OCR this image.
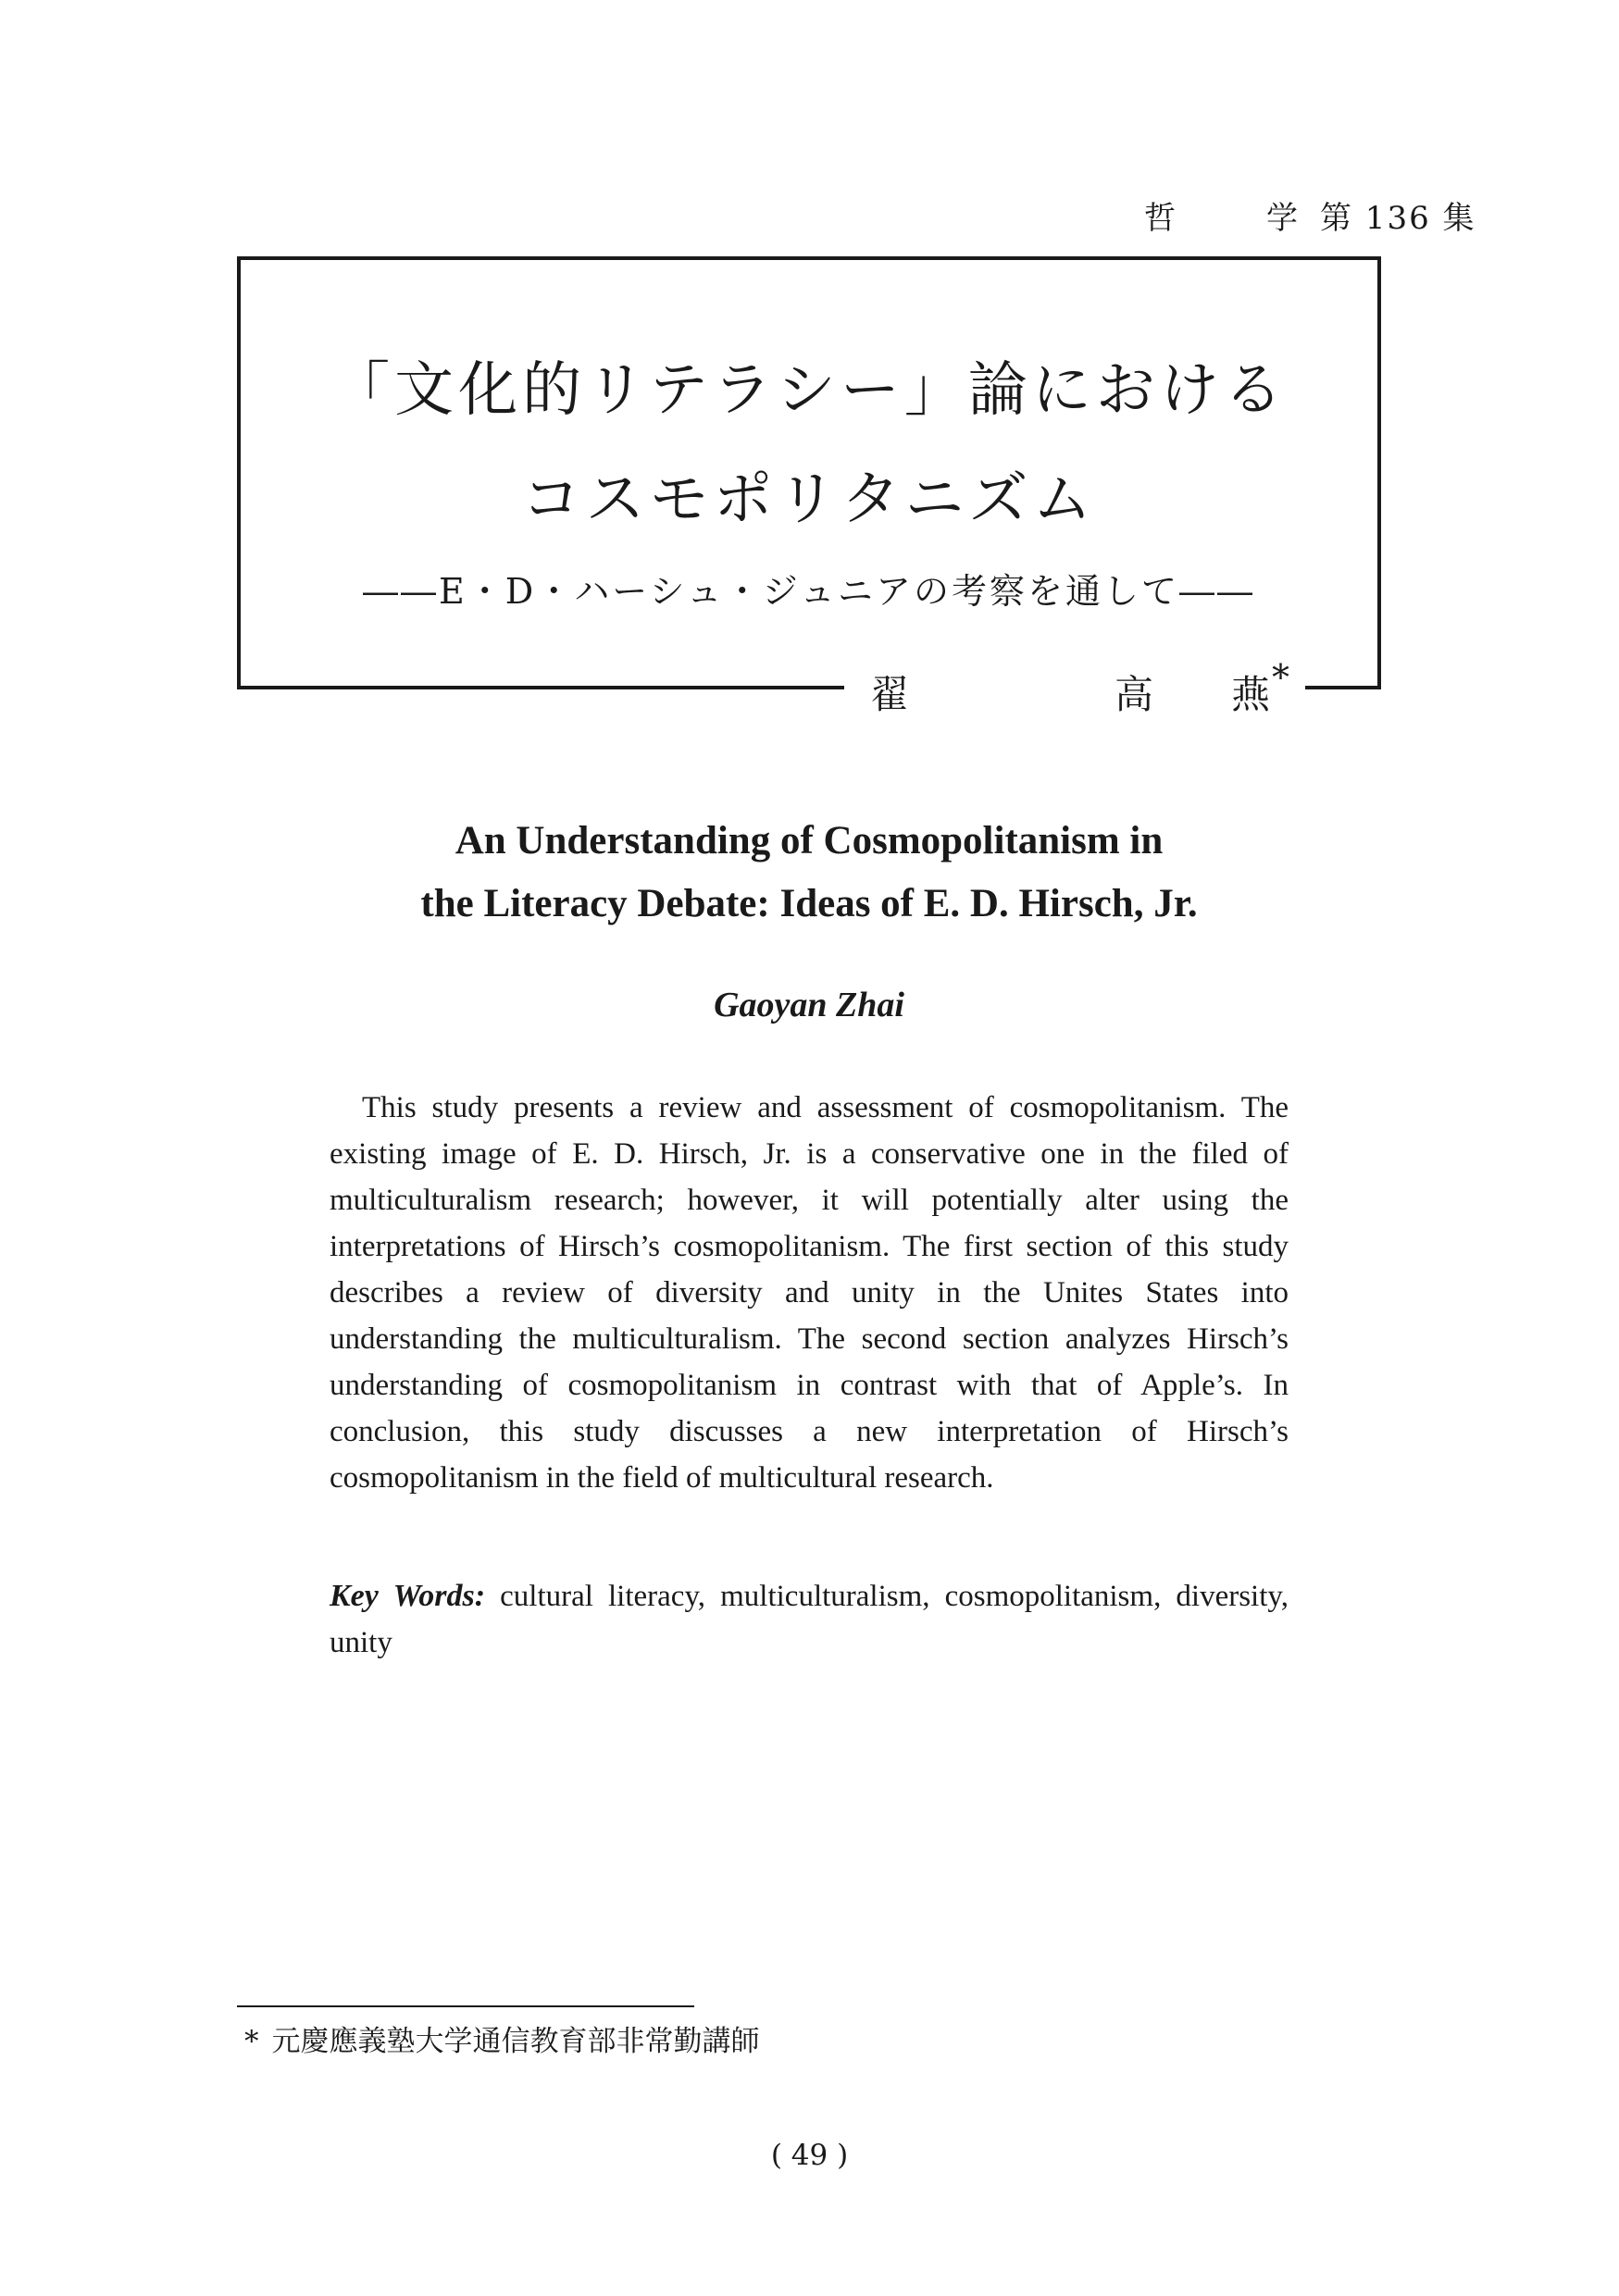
哲	学 第 136 集
「文化的リテラシー」論における
コスモポリタニズム
――E・D・ハーシュ・ジュニアの考察を通して――
翟	高 燕 *
An Understanding of Cosmopolitanism in
the Literacy Debate: Ideas of E. D. Hirsch, Jr.
Gaoyan Zhai

This study presents a review and assessment of cosmopolitanism. The existing image of E. D. Hirsch, Jr. is a conservative one in the filed of multiculturalism research; however, it will potentially alter using the interpretations of Hirsch’s cosmopolitanism. The first section of this study describes a review of diversity and unity in the Unites States into understanding the multiculturalism. The second section analyzes Hirsch’s understanding of cosmopolitanism in contrast with that of Apple’s. In conclusion, this study discusses a new interpretation of Hirsch’s cosmopolitanism in the field of multicultural research.

Key Words: cultural literacy, multiculturalism, cosmopolitanism, diversity, unity

* 元慶應義塾大学通信教育部非常勤講師
( 49 )
